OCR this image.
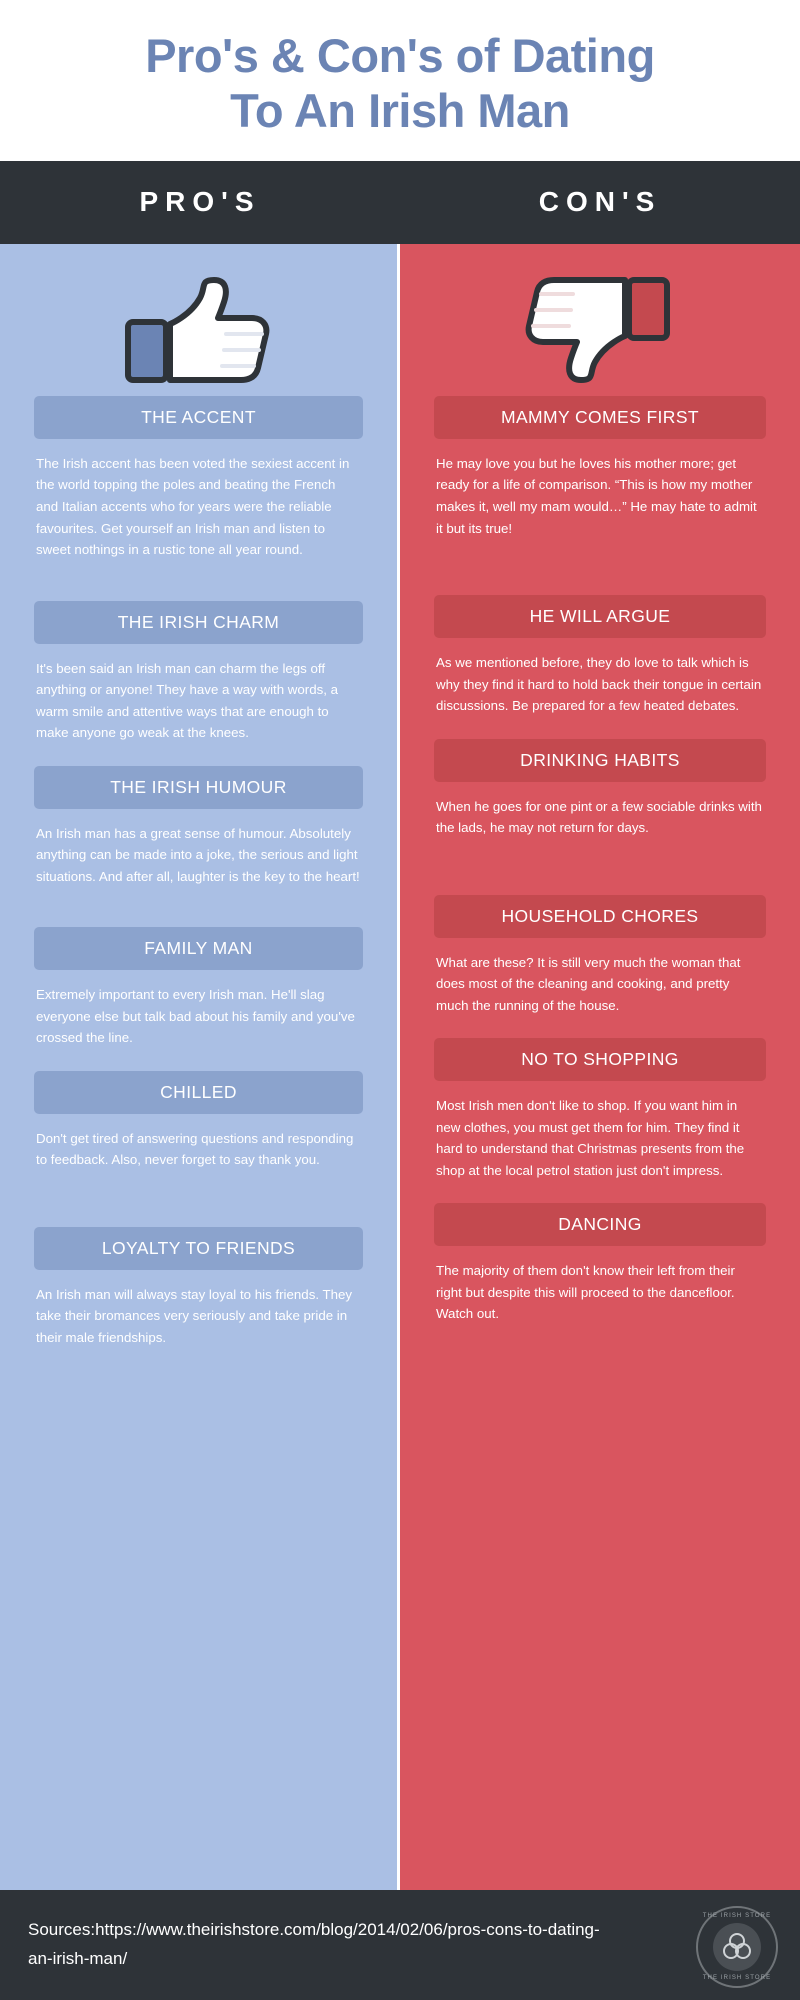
Pro's & Con's of Dating
To An Irish Man
PRO'S	CON'S
THE ACCENT
The Irish accent has been voted the sexiest accent in the world topping the poles and beating the French and Italian accents who for years were the reliable favourites. Get yourself an Irish man and listen to sweet nothings in a rustic tone all year round.
THE IRISH CHARM
It's been said an Irish man can charm the legs off anything or anyone! They have a way with words, a warm smile and attentive ways that are enough to make anyone go weak at the knees.
THE IRISH HUMOUR
An Irish man has a great sense of humour. Absolutely anything can be made into a joke, the serious and light situations. And after all, laughter is the key to the heart!
FAMILY MAN
Extremely important to every Irish man. He'll slag everyone else but talk bad about his family and you've crossed the line.
CHILLED
Don't get tired of answering questions and responding to feedback. Also, never forget to say thank you.
LOYALTY TO FRIENDS
An Irish man will always stay loyal to his friends. They take their bromances very seriously and take pride in their male friendships.
MAMMY COMES FIRST
He may love you but he loves his mother more; get ready for a life of comparison. “This is how my mother makes it, well my mam would…” He may hate to admit it but its true!
HE WILL ARGUE
As we mentioned before, they do love to talk which is why they find it hard to hold back their tongue in certain discussions. Be prepared for a few heated debates.
DRINKING HABITS
When he goes for one pint or a few sociable drinks with the lads, he may not return for days.
HOUSEHOLD CHORES
What are these? It is still very much the woman that does most of the cleaning and cooking, and pretty much the running of the house.
NO TO SHOPPING
Most Irish men don't like to shop. If you want him in new clothes, you must get them for him. They find it hard to understand that Christmas presents from the shop at the local petrol station just don't impress.
DANCING
The majority of them don't know their left from their right but despite this will proceed to the dancefloor. Watch out.
Sources:https://www.theirishstore.com/blog/2014/02/06/pros-cons-to-dating-an-irish-man/
THE IRISH STORE
THE IRISH STORE
